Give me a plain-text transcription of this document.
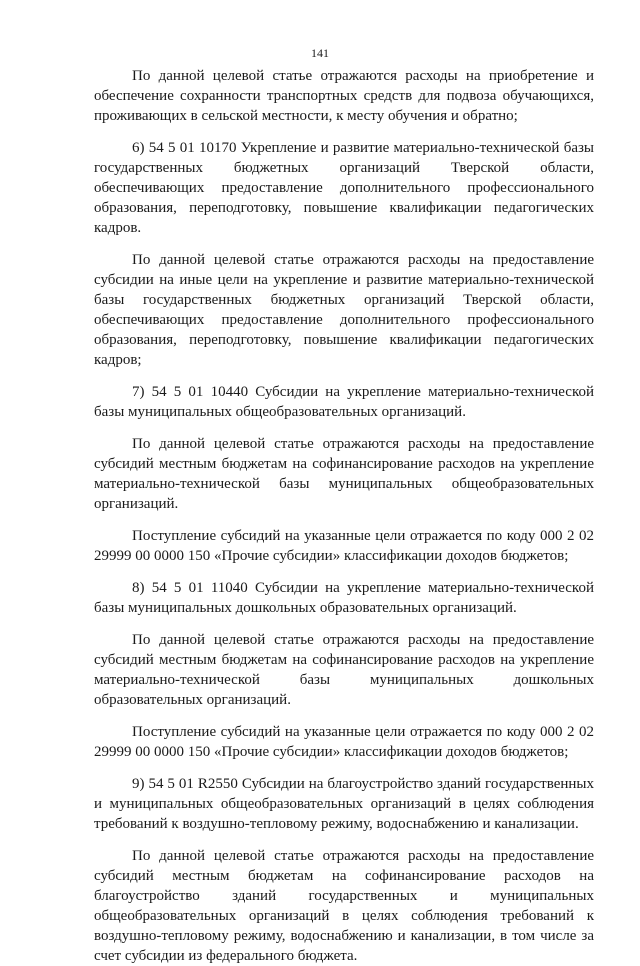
141

По данной целевой статье отражаются расходы на приобретение и обеспечение сохранности транспортных средств для подвоза обучающихся, проживающих в сельской местности, к месту обучения и обратно;

6) 54 5 01 10170 Укрепление и развитие материально-технической базы государственных бюджетных организаций Тверской области, обеспечивающих предоставление дополнительного профессионального образования, переподготовку, повышение квалификации педагогических кадров.

По данной целевой статье отражаются расходы на предоставление субсидии на иные цели на укрепление и развитие материально-технической базы государственных бюджетных организаций Тверской области, обеспечивающих предоставление дополнительного профессионального образования, переподготовку, повышение квалификации педагогических кадров;

7) 54 5 01 10440 Субсидии на укрепление материально-технической базы муниципальных общеобразовательных организаций.

По данной целевой статье отражаются расходы на предоставление субсидий местным бюджетам на софинансирование расходов на укрепление материально-технической базы муниципальных общеобразовательных организаций.

Поступление субсидий на указанные цели отражается по коду 000 2 02 29999 00 0000 150 «Прочие субсидии» классификации доходов бюджетов;

8) 54 5 01 11040 Субсидии на укрепление материально-технической базы муниципальных дошкольных образовательных организаций.

По данной целевой статье отражаются расходы на предоставление субсидий местным бюджетам на софинансирование расходов на укрепление материально-технической базы муниципальных дошкольных образовательных организаций.

Поступление субсидий на указанные цели отражается по коду 000 2 02 29999 00 0000 150 «Прочие субсидии» классификации доходов бюджетов;

9) 54 5 01 R2550 Субсидии на благоустройство зданий государственных и муниципальных общеобразовательных организаций в целях соблюдения требований к воздушно-тепловому режиму, водоснабжению и канализации.

По данной целевой статье отражаются расходы на предоставление субсидий местным бюджетам на софинансирование расходов на благоустройство зданий государственных и муниципальных общеобразовательных организаций в целях соблюдения требований к воздушно-тепловому режиму, водоснабжению и канализации, в том числе за счет субсидии из федерального бюджета.
